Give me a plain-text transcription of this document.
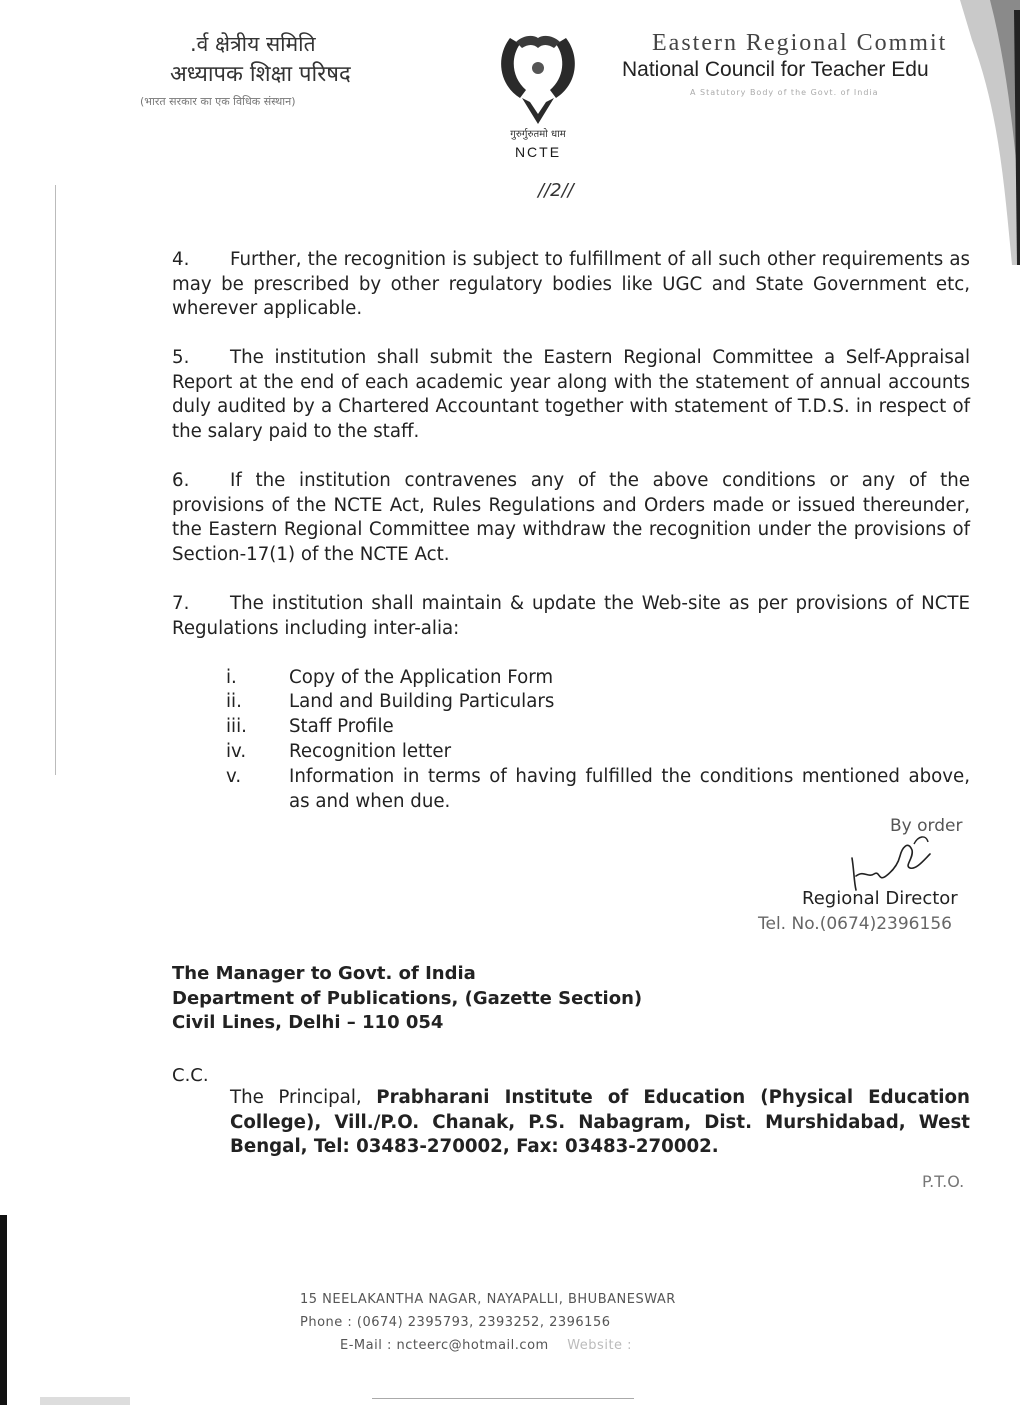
.र्व क्षेत्रीय समिति
अध्यापक शिक्षा परिषद
(भारत सरकार का एक विधिक संस्थान)
गुरुर्गुरुतमो धाम
NCTE
Eastern Regional Commit
National Council for Teacher Edu
A Statutory Body of the Govt. of India
//2//
4. Further, the recognition is subject to fulfillment of all such other requirements as may be prescribed by other regulatory bodies like UGC and State Government etc, wherever applicable.
5. The institution shall submit the Eastern Regional Committee a Self-Appraisal Report at the end of each academic year along with the statement of annual accounts duly audited by a Chartered Accountant together with statement of T.D.S. in respect of the salary paid to the staff.
6. If the institution contravenes any of the above conditions or any of the provisions of the NCTE Act, Rules Regulations and Orders made or issued thereunder, the Eastern Regional Committee may withdraw the recognition under the provisions of Section-17(1) of the NCTE Act.
7. The institution shall maintain & update the Web-site as per provisions of NCTE Regulations including inter-alia:
i.	Copy of the Application Form
ii.	Land and Building Particulars
iii. Staff Profile
iv. Recognition letter
v.	Information in terms of having fulfilled the conditions mentioned above, as and when due.
By order
Regional Director
Tel. No.(0674)2396156
The Manager to Govt. of India
Department of Publications, (Gazette Section)
Civil Lines, Delhi – 110 054
C.C.
The Principal, Prabharani Institute of Education (Physical Education College), Vill./P.O. Chanak, P.S. Nabagram, Dist. Murshidabad, West Bengal, Tel: 03483-270002, Fax: 03483-270002.
P.T.O.
15 NEELAKANTHA NAGAR, NAYAPALLI, BHUBANESWAR
Phone : (0674) 2395793, 2393252, 2396156
E-Mail : ncteerc@hotmail.com Website :
